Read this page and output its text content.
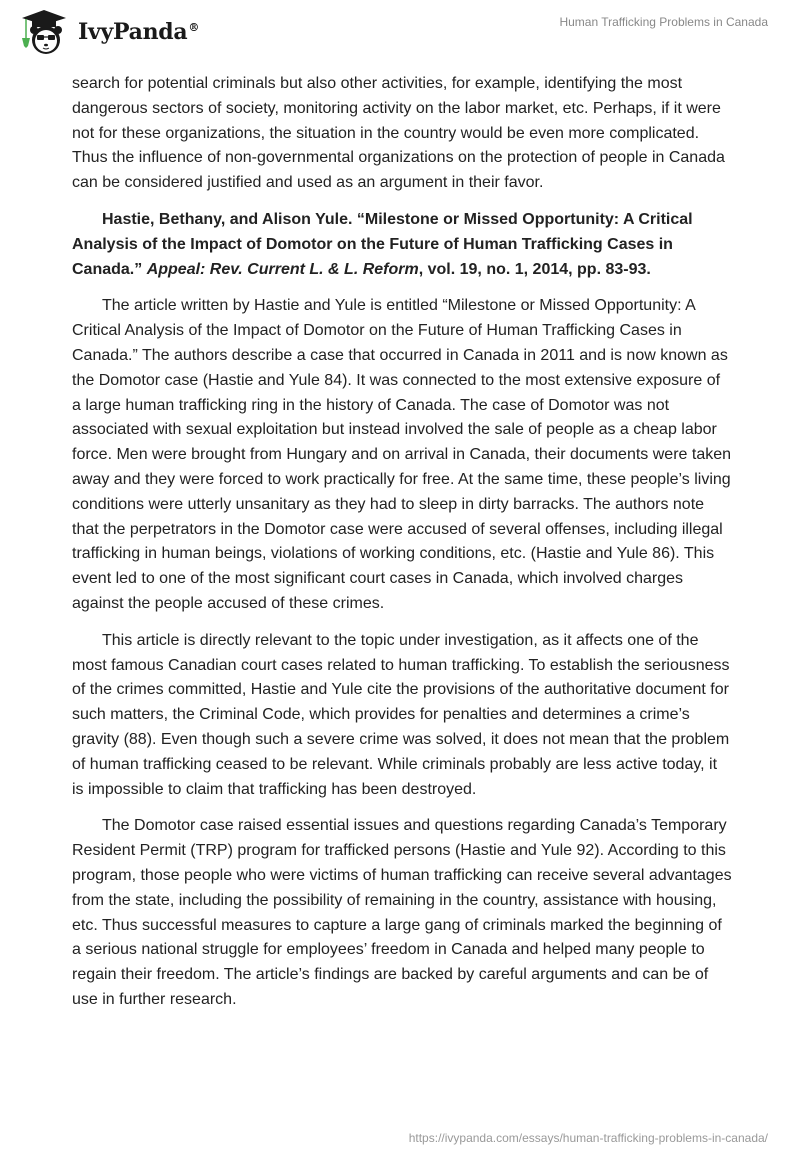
IvyPanda®	Human Trafficking Problems in Canada

search for potential criminals but also other activities, for example, identifying the most dangerous sectors of society, monitoring activity on the labor market, etc. Perhaps, if it were not for these organizations, the situation in the country would be even more complicated. Thus the influence of non-governmental organizations on the protection of people in Canada can be considered justified and used as an argument in their favor.

Hastie, Bethany, and Alison Yule. “Milestone or Missed Opportunity: A Critical Analysis of the Impact of Domotor on the Future of Human Trafficking Cases in Canada.” Appeal: Rev. Current L. & L. Reform, vol. 19, no. 1, 2014, pp. 83-93.

The article written by Hastie and Yule is entitled “Milestone or Missed Opportunity: A Critical Analysis of the Impact of Domotor on the Future of Human Trafficking Cases in Canada.” The authors describe a case that occurred in Canada in 2011 and is now known as the Domotor case (Hastie and Yule 84). It was connected to the most extensive exposure of a large human trafficking ring in the history of Canada. The case of Domotor was not associated with sexual exploitation but instead involved the sale of people as a cheap labor force. Men were brought from Hungary and on arrival in Canada, their documents were taken away and they were forced to work practically for free. At the same time, these people’s living conditions were utterly unsanitary as they had to sleep in dirty barracks. The authors note that the perpetrators in the Domotor case were accused of several offenses, including illegal trafficking in human beings, violations of working conditions, etc. (Hastie and Yule 86). This event led to one of the most significant court cases in Canada, which involved charges against the people accused of these crimes.

This article is directly relevant to the topic under investigation, as it affects one of the most famous Canadian court cases related to human trafficking. To establish the seriousness of the crimes committed, Hastie and Yule cite the provisions of the authoritative document for such matters, the Criminal Code, which provides for penalties and determines a crime’s gravity (88). Even though such a severe crime was solved, it does not mean that the problem of human trafficking ceased to be relevant. While criminals probably are less active today, it is impossible to claim that trafficking has been destroyed.

The Domotor case raised essential issues and questions regarding Canada’s Temporary Resident Permit (TRP) program for trafficked persons (Hastie and Yule 92). According to this program, those people who were victims of human trafficking can receive several advantages from the state, including the possibility of remaining in the country, assistance with housing, etc. Thus successful measures to capture a large gang of criminals marked the beginning of a serious national struggle for employees’ freedom in Canada and helped many people to regain their freedom. The article’s findings are backed by careful arguments and can be of use in further research.

https://ivypanda.com/essays/human-trafficking-problems-in-canada/
